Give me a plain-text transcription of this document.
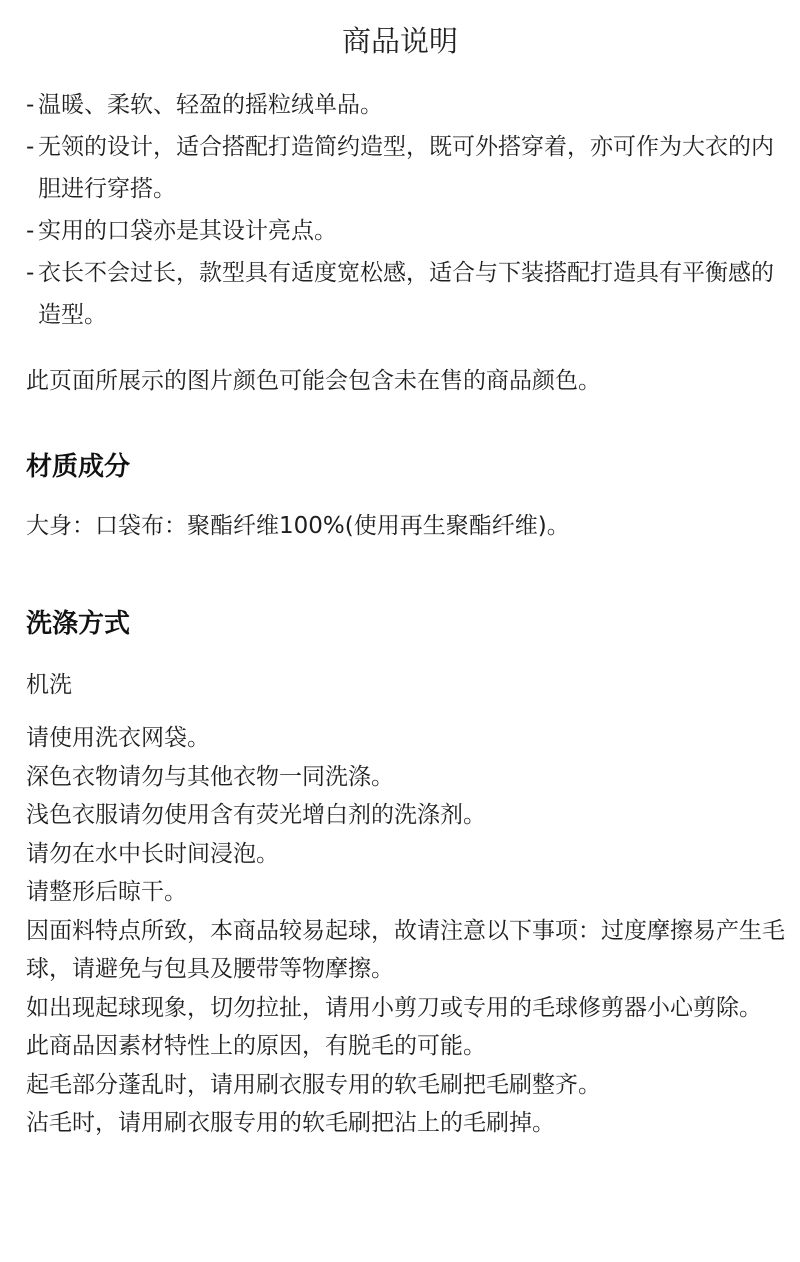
商品说明
- 温暖、柔软、轻盈的摇粒绒单品。
- 无领的设计，适合搭配打造简约造型，既可外搭穿着，亦可作为大衣的内胆进行穿搭。
- 实用的口袋亦是其设计亮点。
- 衣长不会过长，款型具有适度宽松感，适合与下装搭配打造具有平衡感的造型。
此页面所展示的图片颜色可能会包含未在售的商品颜色。
材质成分
大身：口袋布：聚酯纤维100%(使用再生聚酯纤维)。
洗涤方式
机洗
请使用洗衣网袋。
深色衣物请勿与其他衣物一同洗涤。
浅色衣服请勿使用含有荧光增白剂的洗涤剂。
请勿在水中长时间浸泡。
请整形后晾干。
因面料特点所致，本商品较易起球，故请注意以下事项：过度摩擦易产生毛球，请避免与包具及腰带等物摩擦。
如出现起球现象，切勿拉扯，请用小剪刀或专用的毛球修剪器小心剪除。
此商品因素材特性上的原因，有脱毛的可能。
起毛部分蓬乱时，请用刷衣服专用的软毛刷把毛刷整齐。
沾毛时，请用刷衣服专用的软毛刷把沾上的毛刷掉。
